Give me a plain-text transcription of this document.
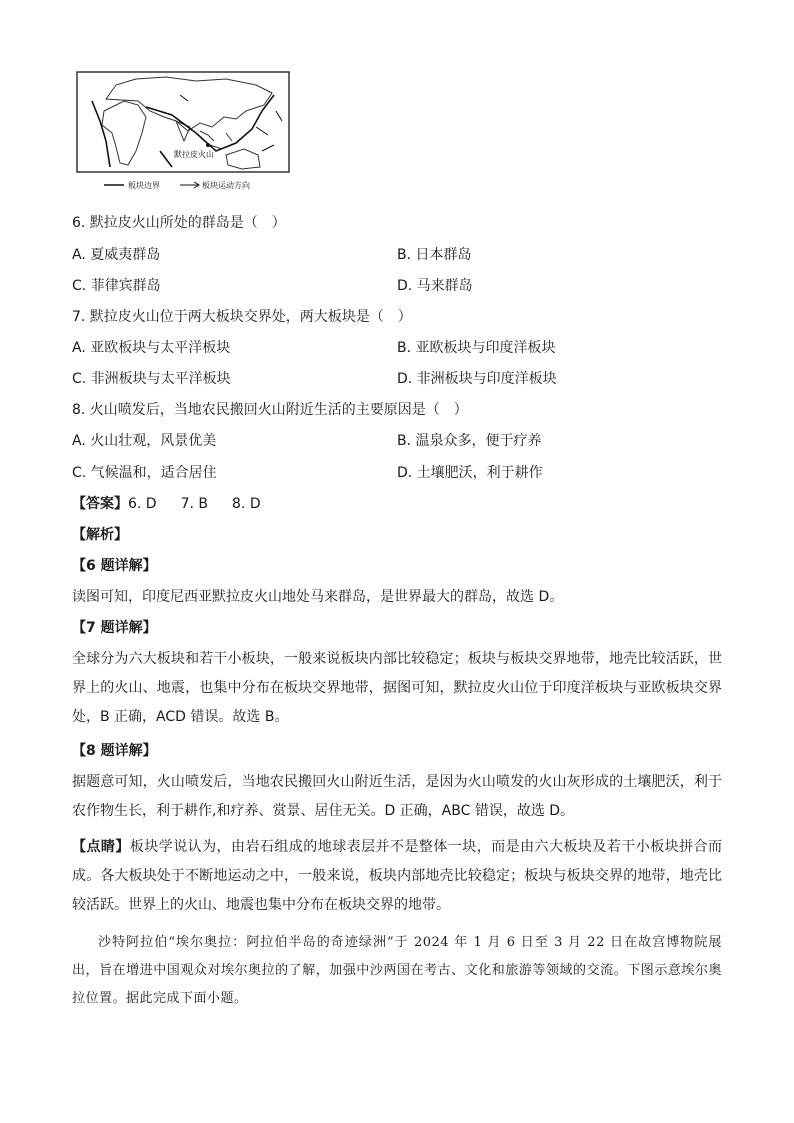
默拉皮火山
板块边界	板块运动方向
6. 默拉皮火山所处的群岛是（　）
A. 夏威夷群岛	B. 日本群岛
C. 菲律宾群岛	D. 马来群岛
7. 默拉皮火山位于两大板块交界处，两大板块是（　）
A. 亚欧板块与太平洋板块	B. 亚欧板块与印度洋板块
C. 非洲板块与太平洋板块	D. 非洲板块与印度洋板块
8. 火山喷发后，当地农民搬回火山附近生活的主要原因是（　）
A. 火山壮观，风景优美	B. 温泉众多，便于疗养
C. 气候温和，适合居住	D. 土壤肥沃，利于耕作
【答案】6. D 7. B 8. D
【解析】
【6 题详解】
读图可知，印度尼西亚默拉皮火山地处马来群岛，是世界最大的群岛，故选 D。
【7 题详解】
全球分为六大板块和若干小板块，一般来说板块内部比较稳定；板块与板块交界地带，地壳比较活跃，世界上的火山、地震，也集中分布在板块交界地带，据图可知，默拉皮火山位于印度洋板块与亚欧板块交界处，B 正确，ACD 错误。故选 B。
【8 题详解】
据题意可知，火山喷发后，当地农民搬回火山附近生活，是因为火山喷发的火山灰形成的土壤肥沃，利于农作物生长，利于耕作,和疗养、赏景、居住无关。D 正确，ABC 错误，故选 D。
【点睛】板块学说认为，由岩石组成的地球表层并不是整体一块，而是由六大板块及若干小板块拼合而成。各大板块处于不断地运动之中，一般来说，板块内部地壳比较稳定；板块与板块交界的地带，地壳比较活跃。世界上的火山、地震也集中分布在板块交界的地带。
沙特阿拉伯“埃尔奥拉：阿拉伯半岛的奇迹绿洲”于 2024 年 1 月 6 日至 3 月 22 日在故宫博物院展出，旨在增进中国观众对埃尔奥拉的了解，加强中沙两国在考古、文化和旅游等领域的交流。下图示意埃尔奥拉位置。据此完成下面小题。
